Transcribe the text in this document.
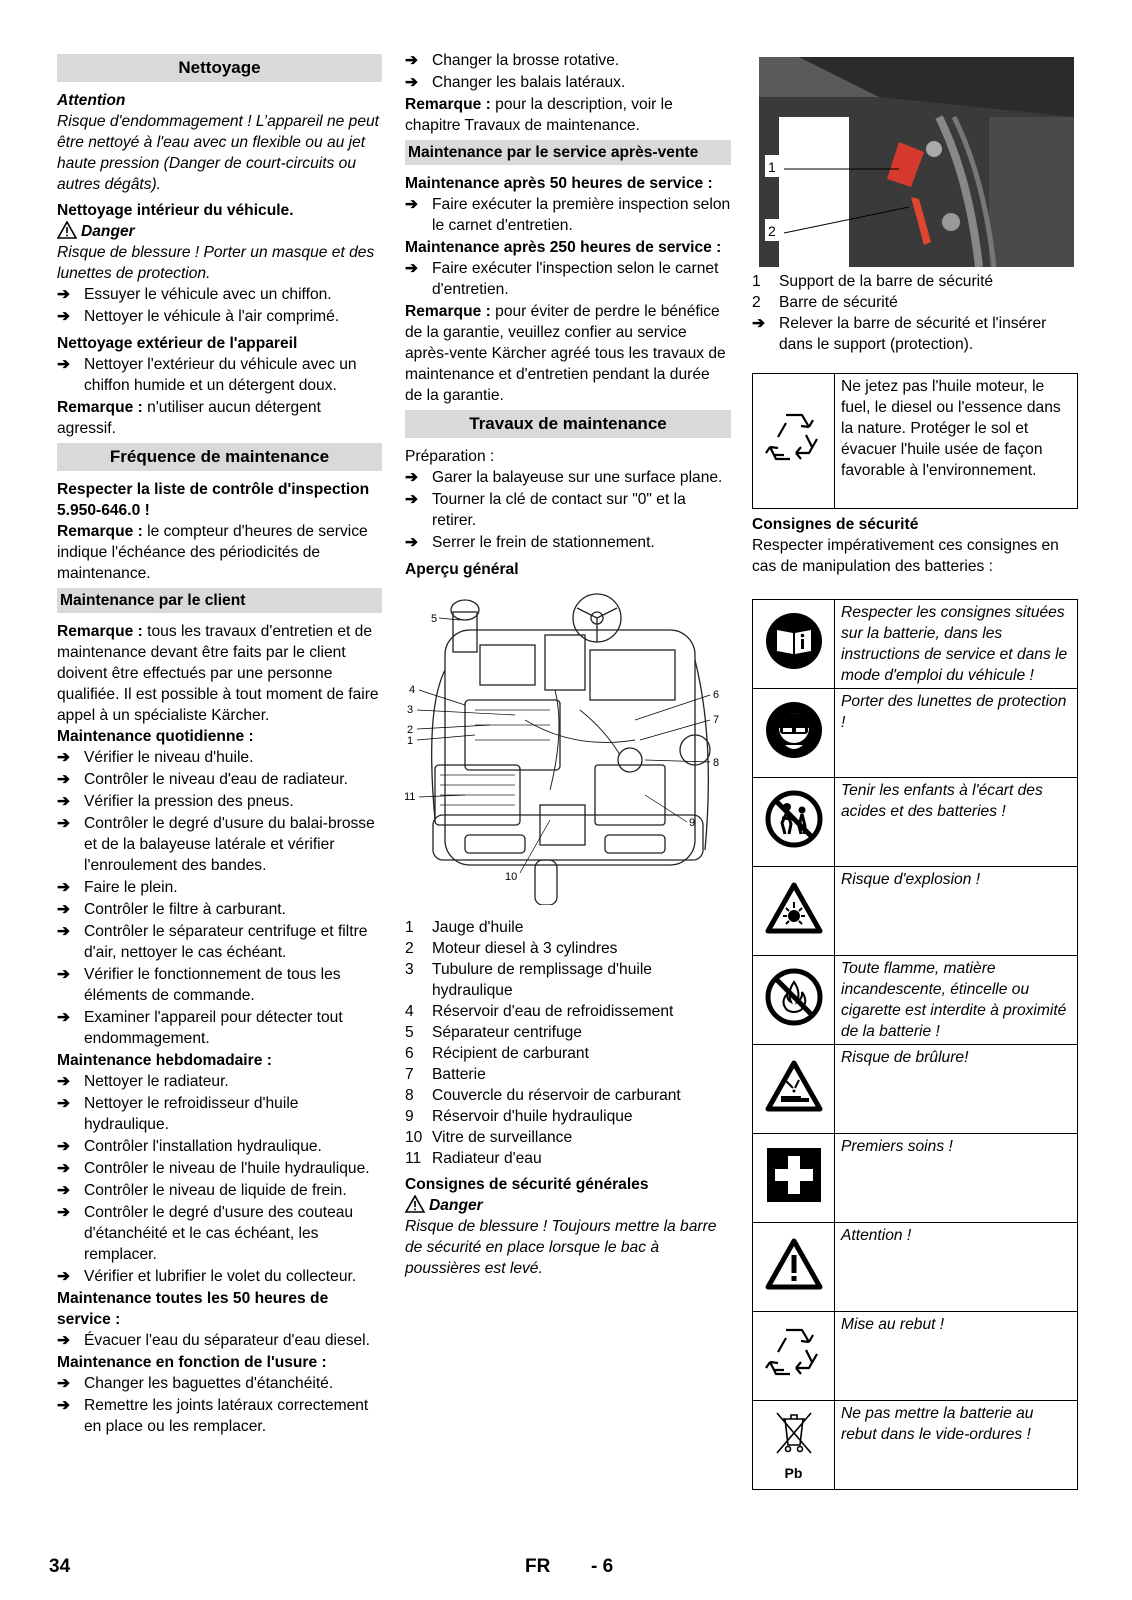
Nettoyage

Attention

Risque d'endommagement ! L’appareil ne peut être nettoyé à l'eau avec un flexible ou au jet haute pression (Danger de court-circuits ou autres dégâts).

Nettoyage intérieur du véhicule.

Danger

Risque de blessure ! Porter un masque et des lunettes de protection.

➔ Essuyer le véhicule avec un chiffon.
➔ Nettoyer le véhicule à l'air comprimé.

Nettoyage extérieur de l'appareil

➔ Nettoyer l'extérieur du véhicule avec un chiffon humide et un détergent doux.

Remarque : n'utiliser aucun détergent agressif.

Fréquence de maintenance

Respecter la liste de contrôle d'inspection 5.950-646.0 !

Remarque : le compteur d'heures de service indique l'échéance des périodicités de maintenance.

Maintenance par le client

Remarque : tous les travaux d'entretien et de maintenance devant être faits par le client doivent être effectués par une personne qualifiée. Il est possible à tout moment de faire appel à un spécialiste Kärcher.

Maintenance quotidienne :

➔ Vérifier le niveau d'huile.
➔ Contrôler le niveau d'eau de radiateur.
➔ Vérifier la pression des pneus.
➔ Contrôler le degré d'usure du balai-brosse et de la balayeuse latérale et vérifier l'enroulement des bandes.
➔ Faire le plein.
➔ Contrôler le filtre à carburant.
➔ Contrôler le séparateur centrifuge et filtre d'air, nettoyer le cas échéant.
➔ Vérifier le fonctionnement de tous les éléments de commande.
➔ Examiner l'appareil pour détecter tout endommagement.

Maintenance hebdomadaire :

➔ Nettoyer le radiateur.
➔ Nettoyer le refroidisseur d'huile hydraulique.
➔ Contrôler l'installation hydraulique.
➔ Contrôler le niveau de l'huile hydraulique.
➔ Contrôler le niveau de liquide de frein.
➔ Contrôler le degré d'usure des couteau d'étanchéité et le cas échéant, les remplacer.
➔ Vérifier et lubrifier le volet du collecteur.

Maintenance toutes les 50 heures de service :

➔ Évacuer l'eau du séparateur d'eau diesel.

Maintenance en fonction de l'usure :

➔ Changer les baguettes d'étanchéité.
➔ Remettre les joints latéraux correctement en place ou les remplacer.
➔ Changer la brosse rotative.
➔ Changer les balais latéraux.

Remarque : pour la description, voir le chapitre Travaux de maintenance.

Maintenance par le service après-vente

Maintenance après 50 heures de service :

➔ Faire exécuter la première inspection selon le carnet d'entretien.

Maintenance après 250 heures de service :

➔ Faire exécuter l'inspection selon le carnet d'entretien.

Remarque : pour éviter de perdre le bénéfice de la garantie, veuillez confier au service après-vente Kärcher agréé tous les travaux de maintenance et d'entretien pendant la durée de la garantie.

Travaux de maintenance

Préparation :

➔ Garer la balayeuse sur une surface plane.
➔ Tourner la clé de contact sur "0" et la retirer.
➔ Serrer le frein de stationnement.

Aperçu général

5
1
2
3
4	6
7
8
9
10
11
1 Jauge d'huile
2 Moteur diesel à 3 cylindres
3 Tubulure de remplissage d'huile hydraulique
4 Réservoir d'eau de refroidissement
5 Séparateur centrifuge
6 Récipient de carburant
7 Batterie
8 Couvercle du réservoir de carburant
9 Réservoir d'huile hydraulique
10 Vitre de surveillance
11 Radiateur d'eau

Consignes de sécurité générales

Danger

Risque de blessure ! Toujours mettre la barre de sécurité en place lorsque le bac à poussières est levé.

1
2
1 Support de la barre de sécurité
2 Barre de sécurité
➔ Relever la barre de sécurité et l'insérer dans le support (protection).
	Ne jetez pas l'huile moteur, le fuel, le diesel ou l'essence dans la nature. Protéger le sol et évacuer l'huile usée de façon favorable à l'environnement.

Consignes de sécurité

Respecter impérativement ces consignes en cas de manipulation des batteries :

	Respecter les consignes situées sur la batterie, dans les instructions de service et dans le mode d'emploi du véhicule !
	Porter des lunettes de protection !
	Tenir les enfants à l'écart des acides et des batteries !
	Risque d'explosion !
	Toute flamme, matière incandescente, étincelle ou cigarette est interdite à proximité de la batterie !
	Risque de brûlure!
	Premiers soins !
	Attention !
	Mise au rebut !

Pb	Ne pas mettre la batterie au rebut dans le vide-ordures !
34	FR - 6
